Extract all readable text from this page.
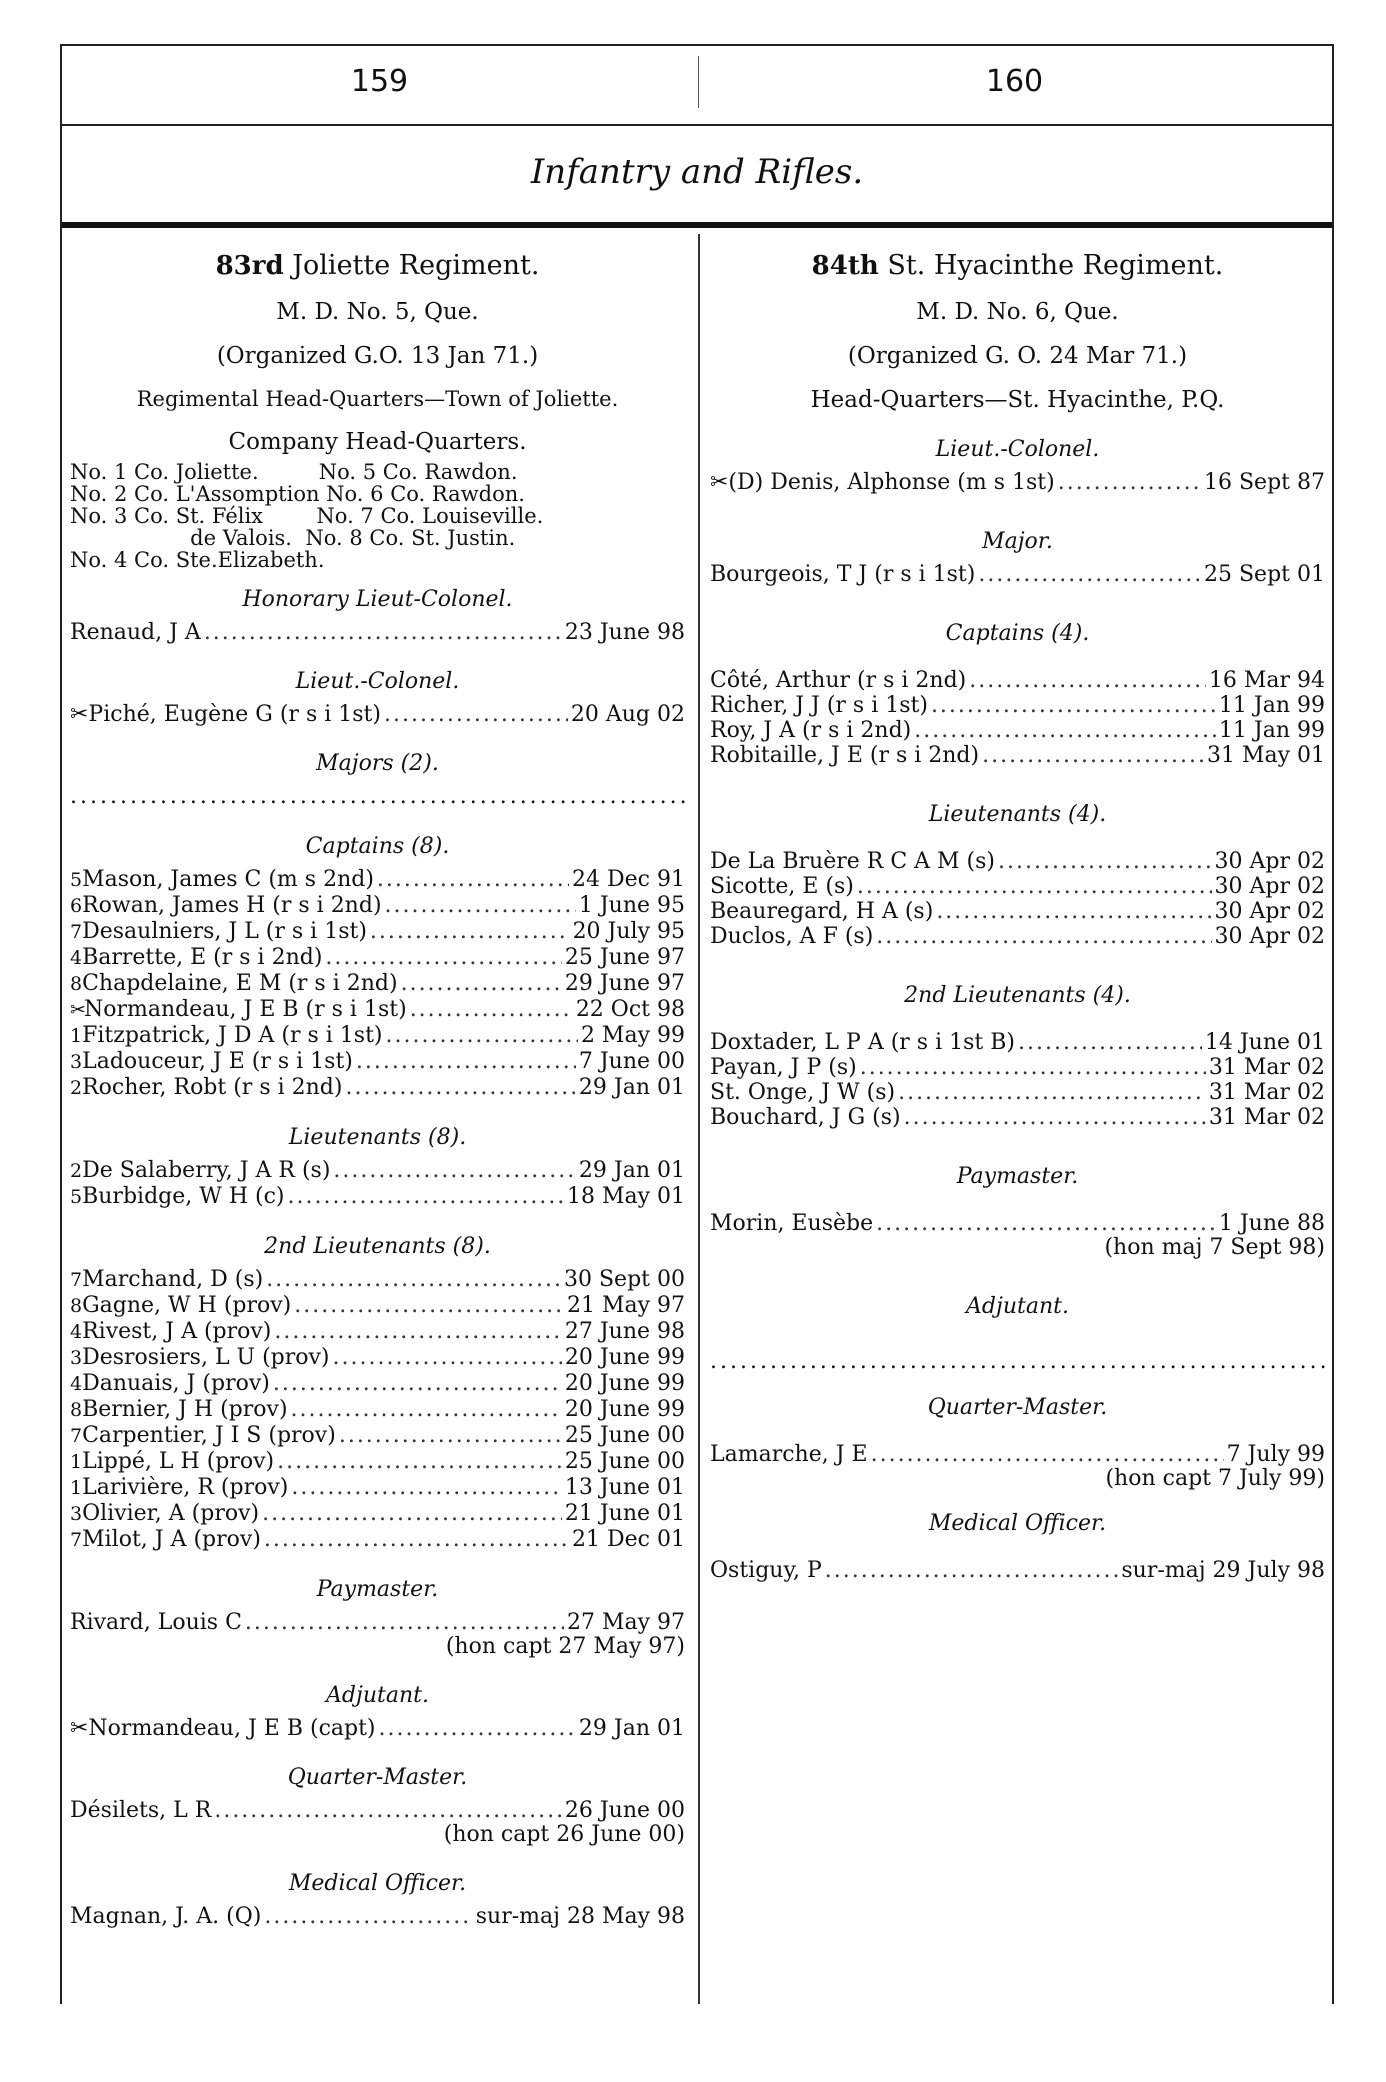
159	160
Infantry and Rifles.
83rd Joliette Regiment.
M. D. No. 5, Que.
(Organized G.O. 13 Jan 71.)
Regimental Head-Quarters—Town of Joliette.
Company Head-Quarters.
No. 1 Co. Joliette.         No. 5 Co. Rawdon.
No. 2 Co. L'Assomption No. 6 Co. Rawdon.
No. 3 Co. St. Félix        No. 7 Co. Louiseville.
de Valois.  No. 8 Co. St. Justin.
No. 4 Co. Ste.Elizabeth.
Honorary Lieut-Colonel.
Renaud, J A .....	23 June 98
Lieut.-Colonel.
✂Piché, Eugène G (r s i 1st) .....	20 Aug 02
Majors (2).
.....
Captains (8).
5 Mason, James C (m s 2nd) .....	24 Dec 91
6 Rowan, James H (r s i 2nd) .....	1 June 95
7 Desaulniers, J L (r s i 1st) .....	20 July 95
4 Barrette, E (r s i 2nd) .....	25 June 97
8 Chapdelaine, E M (r s i 2nd) .....	29 June 97
✂
Normandeau, J E B (r s i 1st) .....	22 Oct 98
1 Fitzpatrick, J D A (r s i 1st) .....	2 May 99
3 Ladouceur, J E (r s i 1st) .....	7 June 00
2 Rocher, Robt (r s i 2nd) .....	29 Jan 01
Lieutenants (8).
2 De Salaberry, J A R (s) .....	29 Jan 01
5 Burbidge, W H (c) .....	18 May 01
2nd Lieutenants (8).
7 Marchand, D (s) .....	30 Sept 00
8 Gagne, W H (prov) .....	21 May 97
4 Rivest, J A (prov) .....	27 June 98
3 Desrosiers, L U (prov) .....	20 June 99
4 Danuais, J (prov) .....	20 June 99
8 Bernier, J H (prov) .....	20 June 99
7 Carpentier, J I S (prov) .....	25 June 00
1 Lippé, L H (prov) .....	25 June 00
1 Larivière, R (prov) .....	13 June 01
3 Olivier, A (prov) .....	21 June 01
7 Milot, J A (prov) .....	21 Dec 01
Paymaster.
Rivard, Louis C .....	27 May 97
(hon capt 27 May 97)
Adjutant.
✂Normandeau, J E B (capt) .....	29 Jan 01
Quarter-Master.
Désilets, L R .....	26 June 00
(hon capt 26 June 00)
Medical Officer.
Magnan, J. A. (Q) .....	sur-maj 28 May 98
84th St. Hyacinthe Regiment.
M. D. No. 6, Que.
(Organized G. O. 24 Mar 71.)
Head-Quarters—St. Hyacinthe, P.Q.
Lieut.-Colonel.
✂(D) Denis, Alphonse (m s 1st) .....	16 Sept 87
Major.
Bourgeois, T J (r s i 1st) .....	25 Sept 01
Captains (4).
Côté, Arthur (r s i 2nd) .....	16 Mar 94
Richer, J J (r s i 1st) .....	11 Jan 99
Roy, J A (r s i 2nd) .....	11 Jan 99
Robitaille, J E (r s i 2nd) .....	31 May 01
Lieutenants (4).
De La Bruère R C A M (s) .....	30 Apr 02
Sicotte, E (s) .....	30 Apr 02
Beauregard, H A (s) .....	30 Apr 02
Duclos, A F (s) .....	30 Apr 02
2nd Lieutenants (4).
Doxtader, L P A (r s i 1st B) .....	14 June 01
Payan, J P (s) .....	31 Mar 02
St. Onge, J W (s) .....	31 Mar 02
Bouchard, J G (s) .....	31 Mar 02
Paymaster.
Morin, Eusèbe .....	1 June 88
(hon maj 7 Sept 98)
Adjutant.
.....
Quarter-Master.
Lamarche, J E .....	7 July 99
(hon capt 7 July 99)
Medical Officer.
Ostiguy, P .....	sur-maj 29 July 98
